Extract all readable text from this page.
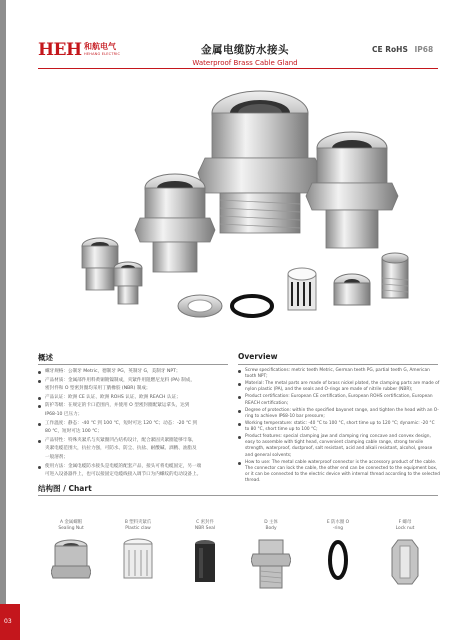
HEH 和航电气
HEHANG ELECTRIC	金属电缆防水接头
Waterproof Brass Cable Gland
CE RoHS IP68
概述
螺牙规格：公制牙 Metric，德制牙 PG，英制牙 G，美制牙 NPT；
产品材质：金属部件用料黄铜镀镍制成，夹紧件用阻燃尼龙料 (PA) 制成，
密封件和 O 型密封圈均采用丁腈橡胶 (NBR) 制成；
产品认证：欧洲 CE 认证、欧洲 ROHS 认证、欧洲 REACH 认证；
防护等级：在规定的卡口范围内，并使用 O 型密封圈配紧运拿头，达到
IP68-10 巴压力；
工作温度：静态：-40 ℃ 到 100 ℃，短时可达 120 ℃；动态：-20 ℃ 到
80 ℃，短时可达 100 ℃；
产品特性：特殊夹紧爪与夹紧圈凹凸结构设计，配合紧固夹紧圈能够牢靠，
夹紧电缆范围大，抗拉力强，可防水、防尘、抗盐、耐酸碱、酒精、油脂及
一般溶剂；
使用方法：金属电缆防水接头是电缆的配套产品，接头可将电缆固定，另一端
可进入设备器件上，也可以接固定电缆线接入调节口为内螺纹的电动设备上。
Overview
Screw specifications: metric teeth Metric, German teeth PG, partial teeth G, American tooth NPT;
Material: The metal parts are made of brass nickel plated, the clamping parts are made of nylon plastic (PA), and the seals and O-rings are made of nitrile rubber (NBR);
Product certification: European CE certification, European ROHS certification, European REACH certification;
Degree of protection: within the specified bayonet range, and tighten the head with an O-ring to achieve IP68-10 bar pressure;
Working temperature: static: -40 °C to 100 °C, short time up to 120 °C; dynamic: -20 °C to 80 °C, short time up to 100 °C;
Product features: special clamping jaw and clamping ring concave and convex design, easy to assemble with tight head, convenient clamping cable range, strong tensile strength, waterproof, dustproof, salt resistant, acid and alkali resistant, alcohol, grease and general solvents;
How to use: The metal cable waterproof connector is the accessory product of the cable. The connector can lock the cable, the other end can be connected to the equipment box, or it can be connected to the electric device with internal thread according to the selected thread.
结构图 / Chart
A 金属螺帽
Sealing Nut
B 塑料夹紧爪
Plastic claw
C 密封件
NBR Seal
D 主体
Body
E 防水圈 O
-ring
F 螺母
Lock nut
03
